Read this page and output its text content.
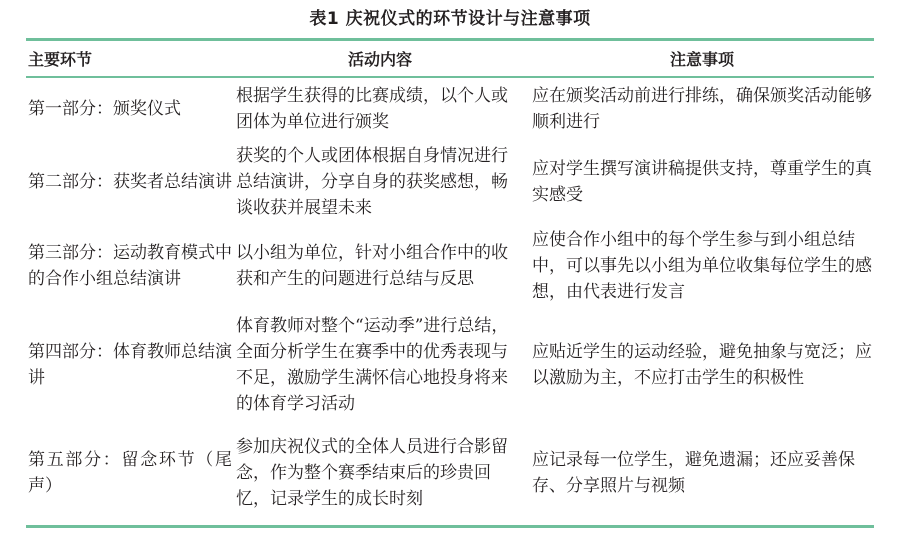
表1 庆祝仪式的环节设计与注意事项
主要环节	活动内容	注意事项
第一部分：颁奖仪式
根据学生获得的比赛成绩，以个人或团体为单位进行颁奖
应在颁奖活动前进行排练，确保颁奖活动能够顺利进行
第二部分：获奖者总结演讲
获奖的个人或团体根据自身情况进行总结演讲，分享自身的获奖感想，畅谈收获并展望未来
应对学生撰写演讲稿提供支持，尊重学生的真实感受
第三部分：运动教育模式中的合作小组总结演讲
以小组为单位，针对小组合作中的收获和产生的问题进行总结与反思
应使合作小组中的每个学生参与到小组总结中，可以事先以小组为单位收集每位学生的感想，由代表进行发言
第四部分：体育教师总结演讲
体育教师对整个“运动季”进行总结，全面分析学生在赛季中的优秀表现与不足，激励学生满怀信心地投身将来的体育学习活动
应贴近学生的运动经验，避免抽象与宽泛；应以激励为主，不应打击学生的积极性
第五部分：留念环节（尾声）
参加庆祝仪式的全体人员进行合影留念，作为整个赛季结束后的珍贵回忆，记录学生的成长时刻
应记录每一位学生，避免遗漏；还应妥善保存、分享照片与视频
